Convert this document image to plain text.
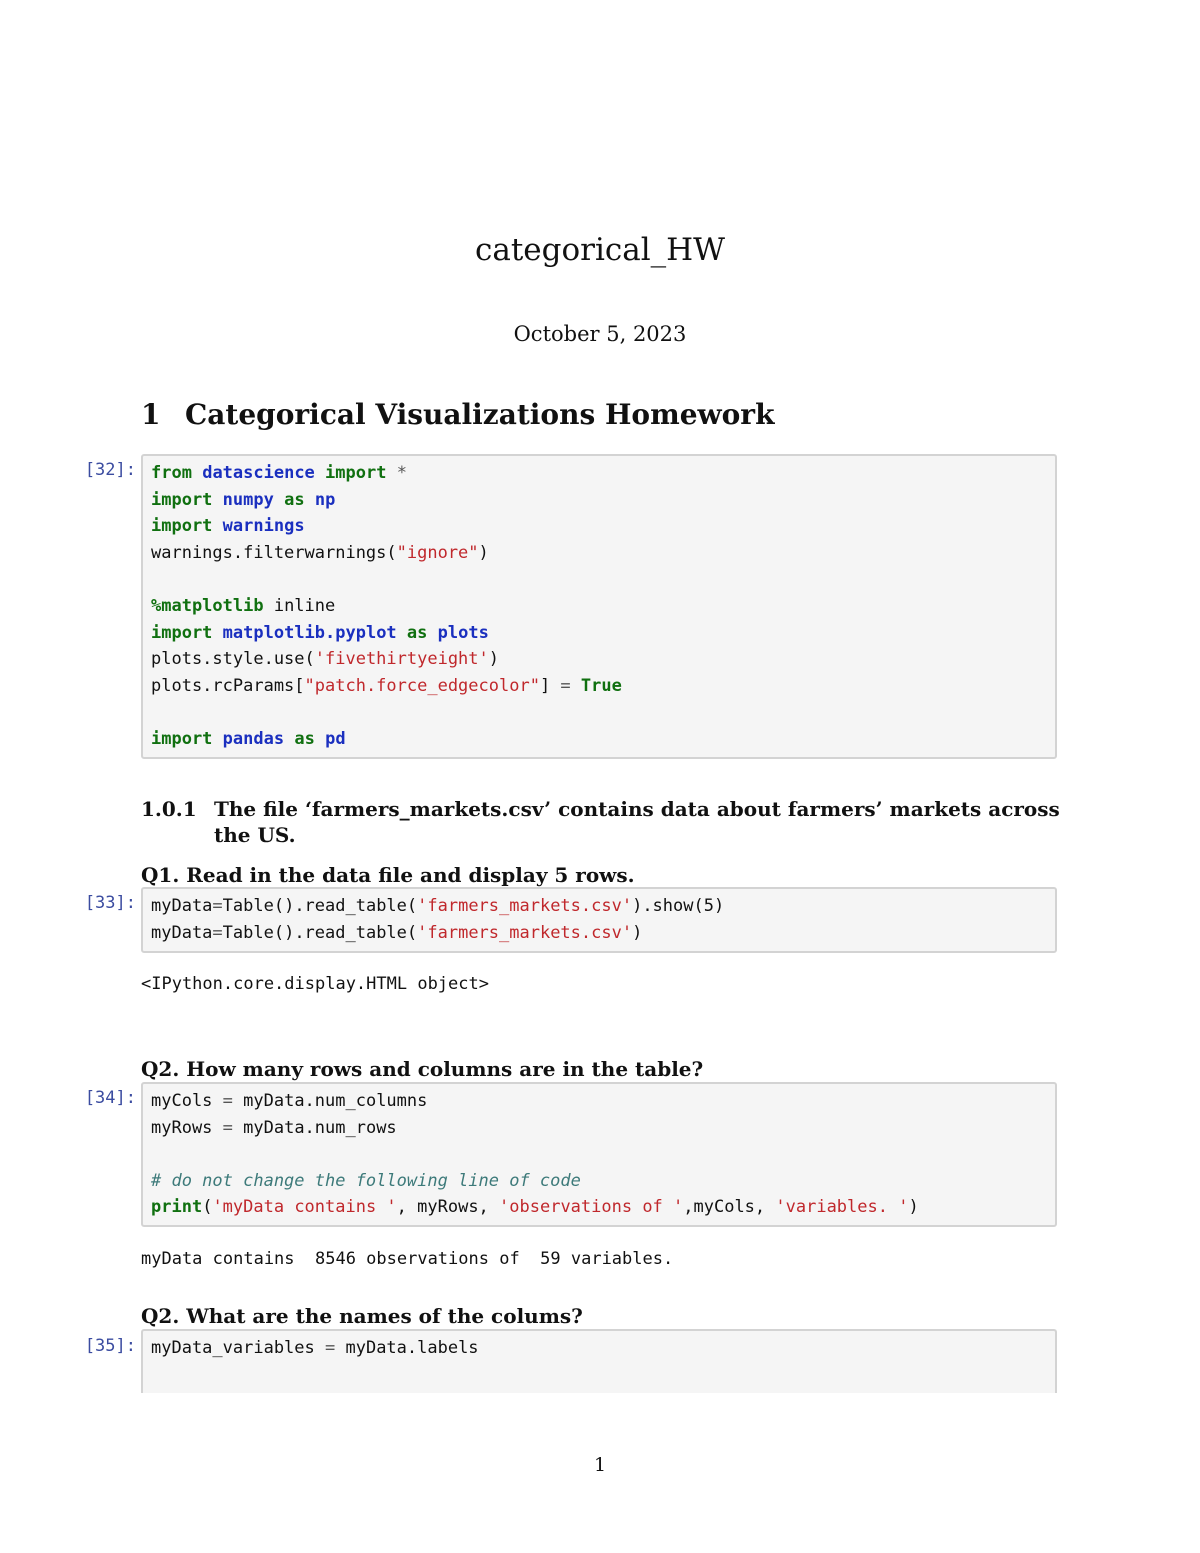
categorical_HW
October 5, 2023
1 Categorical Visualizations Homework
[32]: from datascience import *
import numpy as np
import warnings
warnings.filterwarnings("ignore")

%matplotlib inline
import matplotlib.pyplot as plots
plots.style.use('fivethirtyeight')
plots.rcParams["patch.force_edgecolor"] = True

import pandas as pd
1.0.1 The file ‘farmers_markets.csv’ contains data about farmers’ markets across the US.
Q1. Read in the data file and display 5 rows.
[33]: myData=Table().read_table('farmers_markets.csv').show(5)
myData=Table().read_table('farmers_markets.csv')
<IPython.core.display.HTML object>
Q2. How many rows and columns are in the table?
[34]: myCols = myData.num_columns
myRows = myData.num_rows

# do not change the following line of code
print('myData contains ', myRows, 'observations of ',myCols, 'variables. ')
myData contains  8546 observations of  59 variables.
Q2. What are the names of the colums?
[35]: myData_variables = myData.labels
1
